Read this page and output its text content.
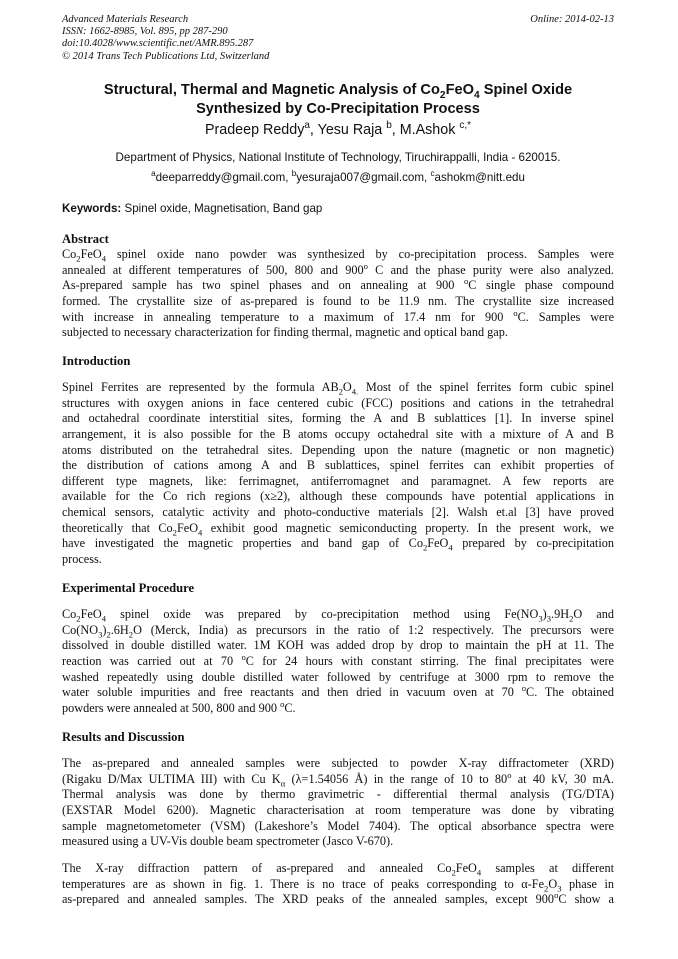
Advanced Materials Research
ISSN: 1662-8985, Vol. 895, pp 287-290
doi:10.4028/www.scientific.net/AMR.895.287
© 2014 Trans Tech Publications Ltd, Switzerland
Online: 2014-02-13
Structural, Thermal and Magnetic Analysis of $Co_2FeO_4$ Spinel Oxide
Synthesized by Co-Precipitation Process
Pradeep Reddy$^a$, Yesu Raja $^b$, M.Ashok $^{c,*}$
Department of Physics, National Institute of Technology, Tiruchirappalli, India - 620015.
$^a$deeparreddy@gmail.com, $^b$yesuraja007@gmail.com, $^c$ashokm@nitt.edu
Keywords: Spinel oxide, Magnetisation, Band gap
Abstract
$Co_2FeO_4$ spinel oxide nano powder was synthesized by co-precipitation process. Samples were
annealed at different temperatures of 500, 800 and 900$^o$ C and the phase purity were also analyzed.
As-prepared sample has two spinel phases and on annealing at 900 $^o$C single phase compound
formed. The crystallite size of as-prepared is found to be 11.9 nm. The crystallite size increased
with increase in annealing temperature to a maximum of 17.4 nm for 900 $^o$C. Samples were
subjected to necessary characterization for finding thermal, magnetic and optical band gap.
Introduction
Spinel Ferrites are represented by the formula $AB_2O_{4.}$ Most of the spinel ferrites form cubic spinel
structures with oxygen anions in face centered cubic (FCC) positions and cations in the tetrahedral
and octahedral coordinate interstitial sites, forming the A and B sublattices [1]. In inverse spinel
arrangement, it is also possible for the B atoms occupy octahedral site with a mixture of A and B
atoms distributed on the tetrahedral sites. Depending upon the nature (magnetic or non magnetic)
the distribution of cations among A and B sublattices, spinel ferrites can exhibit properties of
different type magnets, like: ferrimagnet, antiferromagnet and paramagnet. A few reports are
available for the Co rich regions (x≥2), although these compounds have potential applications in
chemical sensors, catalytic activity and photo-conductive materials [2]. Walsh et.al [3] have proved
theoretically that $Co_2FeO_4$ exhibit good magnetic semiconducting property. In the present work, we
have investigated the magnetic properties and band gap of $Co_2FeO_4$ prepared by co-precipitation
process.
Experimental Procedure
$Co_2FeO_4$ spinel oxide was prepared by co-precipitation method using $Fe(NO_3)_3.9H_2O$ and
$Co(NO_3)_2.6H_2O$ (Merck, India) as precursors in the ratio of 1:2 respectively. The precursors were
dissolved in double distilled water. 1M KOH was added drop by drop to maintain the pH at 11. The
reaction was carried out at 70 $^o$C for 24 hours with constant stirring. The final precipitates were
washed repeatedly using double distilled water followed by centrifuge at 3000 rpm to remove the
water soluble impurities and free reactants and then dried in vacuum oven at 70 $^o$C. The obtained
powders were annealed at 500, 800 and 900 $^o$C.
Results and Discussion
The as-prepared and annealed samples were subjected to powder X-ray diffractometer (XRD)
(Rigaku D/Max ULTIMA III) with Cu $K_\alpha$ (λ=1.54056 Å) in the range of 10 to 80$^o$ at 40 kV, 30 mA.
Thermal analysis was done by thermo gravimetric - differential thermal analysis (TG/DTA)
(EXSTAR Model 6200). Magnetic characterisation at room temperature was done by vibrating
sample magnetometometer (VSM) (Lakeshore’s Model 7404). The optical absorbance spectra were
measured using a UV-Vis double beam spectrometer (Jasco V-670).
The X-ray diffraction pattern of as-prepared and annealed $Co_2FeO_4$ samples at different
temperatures are as shown in fig. 1. There is no trace of peaks corresponding to $\alpha-Fe_2O_3$ phase in
as-prepared and annealed samples. The XRD peaks of the annealed samples, except 900$^o$C show a
